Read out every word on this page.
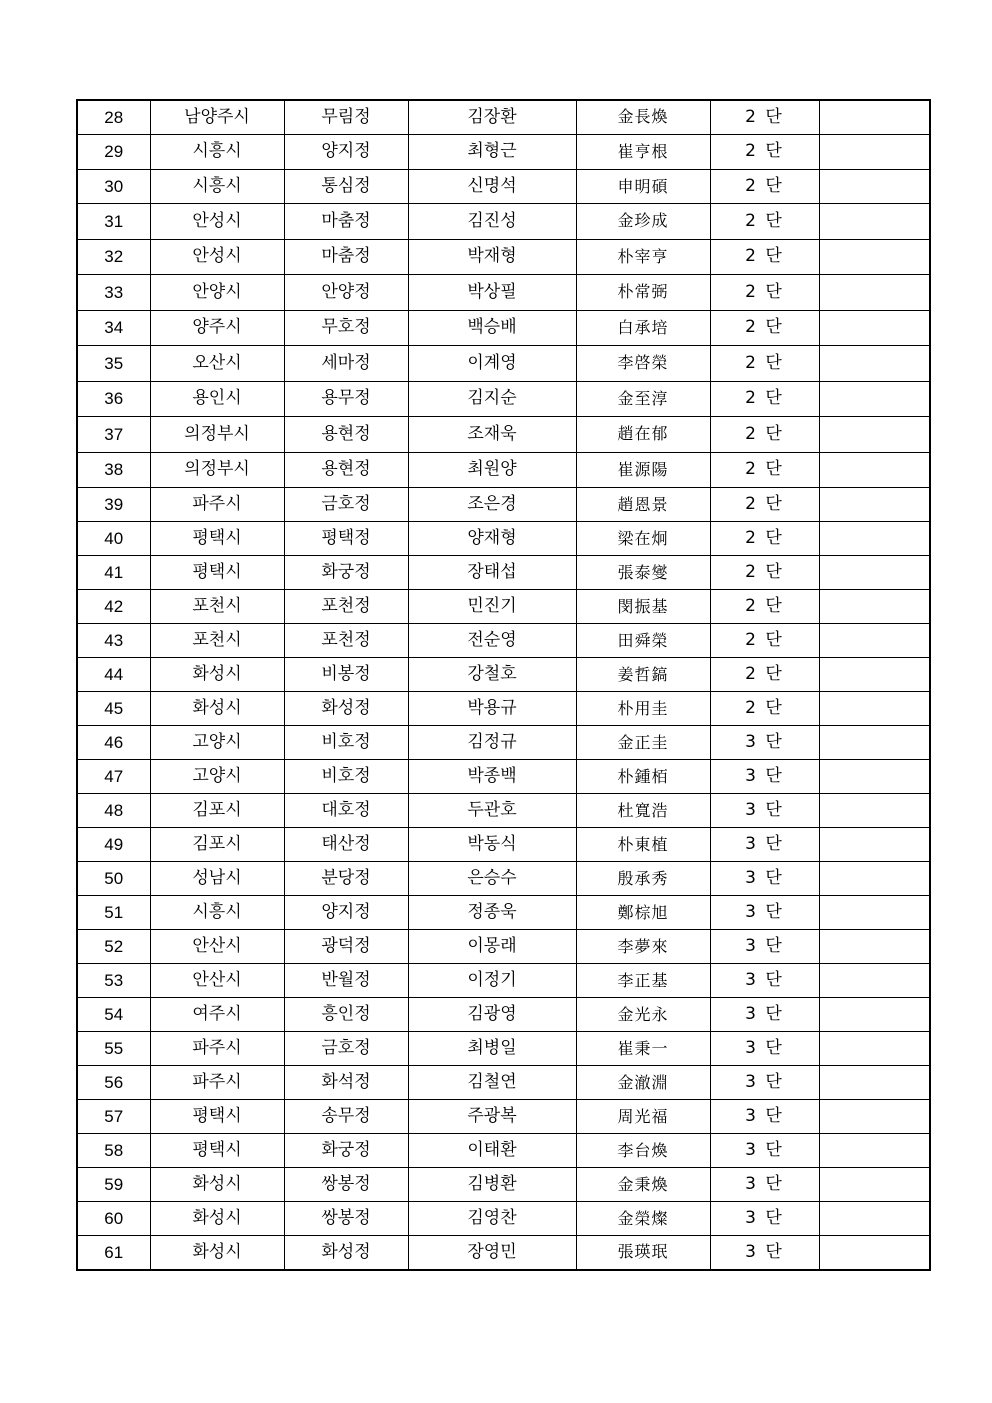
28	남양주시	무림정	김장환	金長煥	2 단	
29	시흥시	양지정	최형근	崔亨根	2 단	
30	시흥시	통심정	신명석	申明碩	2 단	
31	안성시	마춤정	김진성	金珍成	2 단	
32	안성시	마춤정	박재형	朴宰亨	2 단	
33	안양시	안양정	박상필	朴常弼	2 단	
34	양주시	무호정	백승배	白承培	2 단	
35	오산시	세마정	이계영	李啓榮	2 단	
36	용인시	용무정	김지순	金至淳	2 단	
37	의정부시	용현정	조재욱	趙在郁	2 단	
38	의정부시	용현정	최원양	崔源陽	2 단	
39	파주시	금호정	조은경	趙恩景	2 단	
40	평택시	평택정	양재형	梁在炯	2 단	
41	평택시	화궁정	장태섭	張泰燮	2 단	
42	포천시	포천정	민진기	閔振基	2 단	
43	포천시	포천정	전순영	田舜榮	2 단	
44	화성시	비봉정	강철호	姜哲鎬	2 단	
45	화성시	화성정	박용규	朴用圭	2 단	
46	고양시	비호정	김정규	金正圭	3 단	
47	고양시	비호정	박종백	朴鍾栢	3 단	
48	김포시	대호정	두관호	杜寬浩	3 단	
49	김포시	태산정	박동식	朴東植	3 단	
50	성남시	분당정	은승수	殷承秀	3 단	
51	시흥시	양지정	정종욱	鄭棕旭	3 단	
52	안산시	광덕정	이몽래	李夢來	3 단	
53	안산시	반월정	이정기	李正基	3 단	
54	여주시	흥인정	김광영	金光永	3 단	
55	파주시	금호정	최병일	崔秉一	3 단	
56	파주시	화석정	김철연	金澈淵	3 단	
57	평택시	송무정	주광복	周光福	3 단	
58	평택시	화궁정	이태환	李台煥	3 단	
59	화성시	쌍봉정	김병환	金秉煥	3 단	
60	화성시	쌍봉정	김영찬	金榮燦	3 단	
61	화성시	화성정	장영민	張瑛珉	3 단	
